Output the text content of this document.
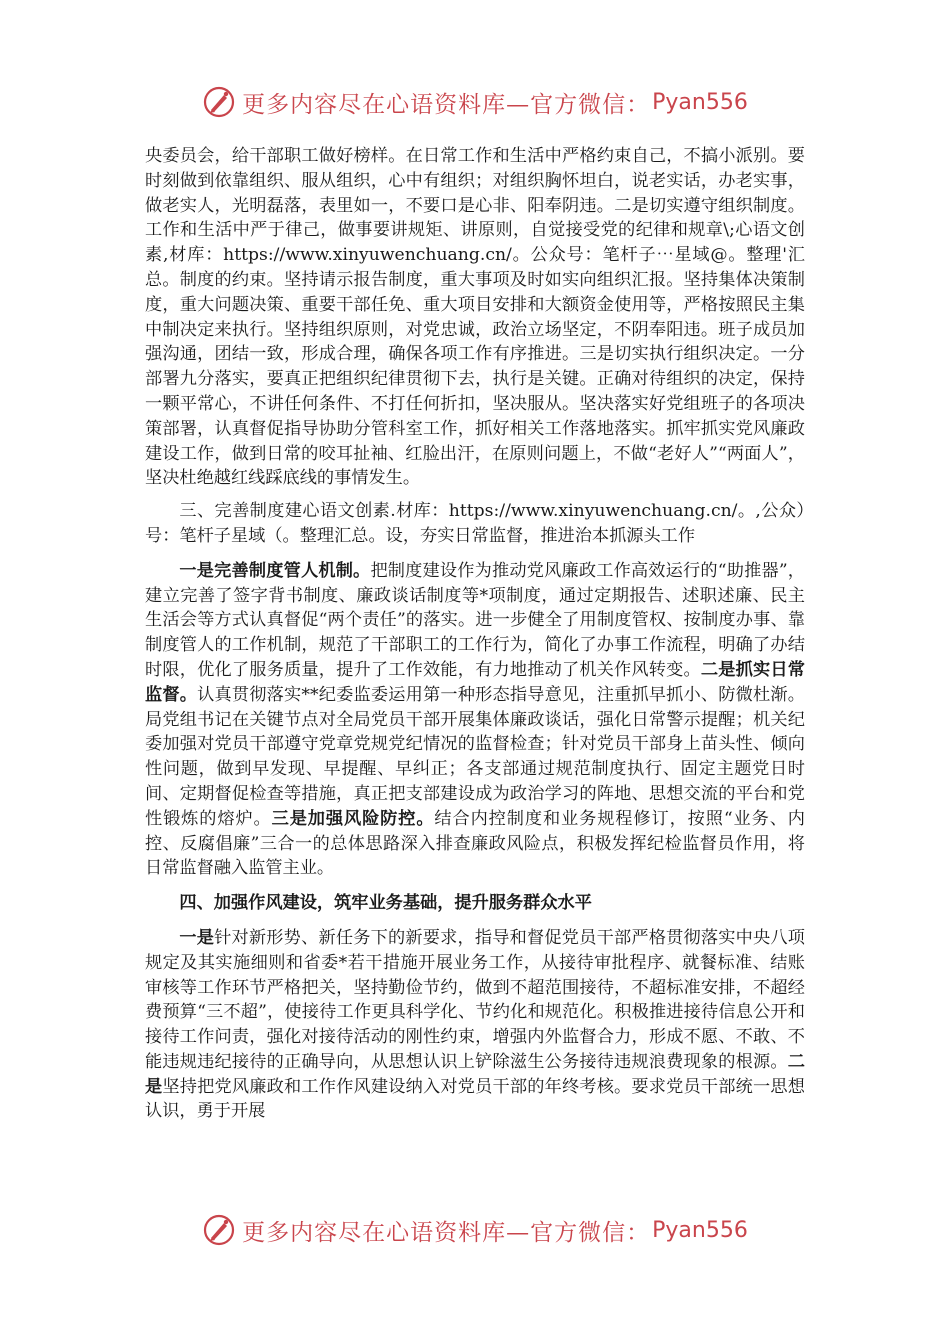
更多内容尽在心语资料库—官方微信： Pyan556

央委员会，给干部职工做好榜样。在日常工作和生活中严格约束自己，不搞小派别。要时刻做到依靠组织、服从组织，心中有组织；对组织胸怀坦白，说老实话，办老实事，做老实人，光明磊落，表里如一，不要口是心非、阳奉阴违。二是切实遵守组织制度。工作和生活中严于律己，做事要讲规矩、讲原则，自觉接受党的纪律和规章\;心语文创素,材库：https://www.xinyuwenchuang.cn/。公众号：笔杆子⋯星域@。整理'汇总。制度的约束。坚持请示报告制度，重大事项及时如实向组织汇报。坚持集体决策制度，重大问题决策、重要干部任免、重大项目安排和大额资金使用等，严格按照民主集中制决定来执行。坚持组织原则，对党忠诚，政治立场坚定，不阴奉阳违。班子成员加强沟通，团结一致，形成合理，确保各项工作有序推进。三是切实执行组织决定。一分部署九分落实，要真正把组织纪律贯彻下去，执行是关键。正确对待组织的决定，保持一颗平常心，不讲任何条件、不打任何折扣，坚决服从。坚决落实好党组班子的各项决策部署，认真督促指导协助分管科室工作，抓好相关工作落地落实。抓牢抓实党风廉政建设工作，做到日常的咬耳扯袖、红脸出汗，在原则问题上，不做“老好人”“两面人”，坚决杜绝越红线踩底线的事情发生。

三、完善制度建心语文创素.材库：https://www.xinyuwenchuang.cn/。,公众）号：笔杆子星域（。整理汇总。设，夯实日常监督，推进治本抓源头工作

一是完善制度管人机制。把制度建设作为推动党风廉政工作高效运行的“助推器”，建立完善了签字背书制度、廉政谈话制度等*项制度，通过定期报告、述职述廉、民主生活会等方式认真督促“两个责任”的落实。进一步健全了用制度管权、按制度办事、靠制度管人的工作机制，规范了干部职工的工作行为，简化了办事工作流程，明确了办结时限，优化了服务质量，提升了工作效能，有力地推动了机关作风转变。二是抓实日常监督。认真贯彻落实**纪委监委运用第一种形态指导意见，注重抓早抓小、防微杜渐。局党组书记在关键节点对全局党员干部开展集体廉政谈话，强化日常警示提醒；机关纪委加强对党员干部遵守党章党规党纪情况的监督检查；针对党员干部身上苗头性、倾向性问题，做到早发现、早提醒、早纠正；各支部通过规范制度执行、固定主题党日时间、定期督促检查等措施，真正把支部建设成为政治学习的阵地、思想交流的平台和党性锻炼的熔炉。三是加强风险防控。结合内控制度和业务规程修订，按照“业务、内控、反腐倡廉”三合一的总体思路深入排查廉政风险点，积极发挥纪检监督员作用，将日常监督融入监管主业。

四、加强作风建设，筑牢业务基础，提升服务群众水平

一是针对新形势、新任务下的新要求，指导和督促党员干部严格贯彻落实中央八项规定及其实施细则和省委*若干措施开展业务工作，从接待审批程序、就餐标准、结账审核等工作环节严格把关，坚持勤俭节约，做到不超范围接待，不超标准安排，不超经费预算“三不超”，使接待工作更具科学化、节约化和规范化。积极推进接待信息公开和接待工作问责，强化对接待活动的刚性约束，增强内外监督合力，形成不愿、不敢、不能违规违纪接待的正确导向，从思想认识上铲除滋生公务接待违规浪费现象的根源。二是坚持把党风廉政和工作作风建设纳入对党员干部的年终考核。要求党员干部统一思想认识，勇于开展

更多内容尽在心语资料库—官方微信： Pyan556
